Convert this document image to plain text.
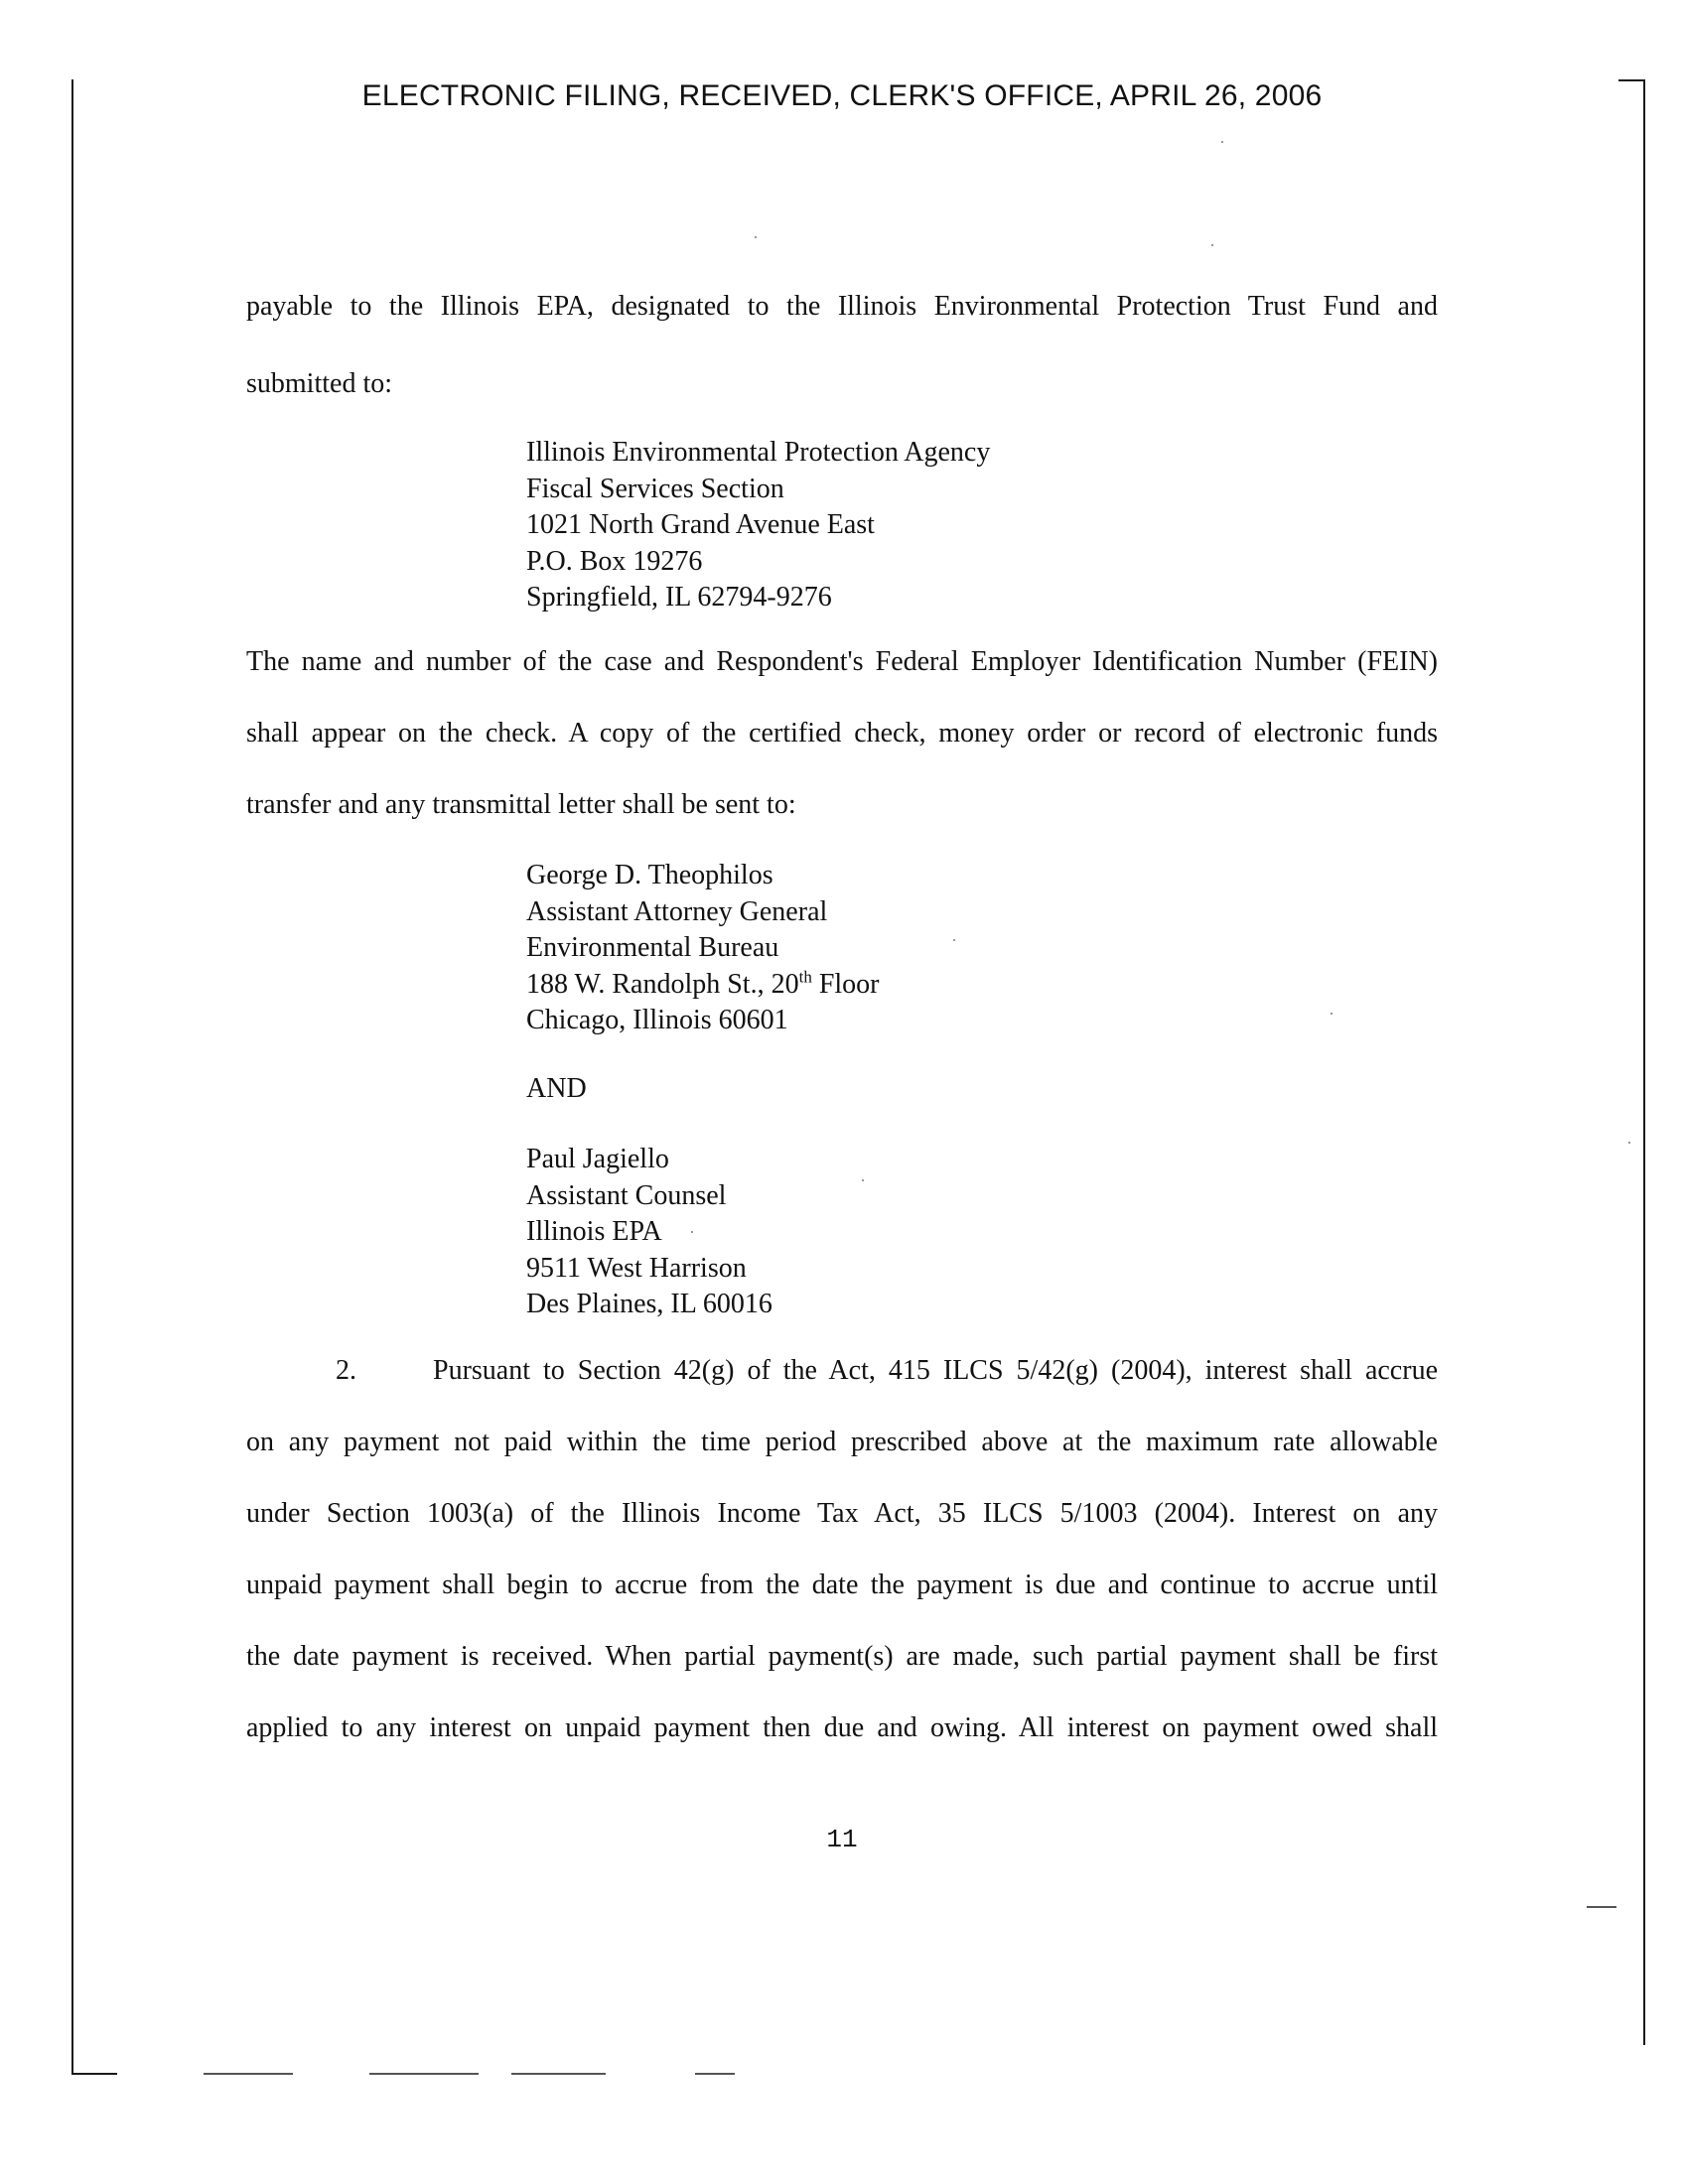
ELECTRONIC FILING, RECEIVED, CLERK'S OFFICE, APRIL 26, 2006
payable to the Illinois EPA, designated to the Illinois Environmental Protection Trust Fund and
submitted to:
Illinois Environmental Protection Agency
Fiscal Services Section
1021 North Grand Avenue East
P.O. Box 19276
Springfield, IL 62794-9276
The name and number of the case and Respondent's Federal Employer Identification Number (FEIN)
shall appear on the check. A copy of the certified check, money order or record of electronic funds
transfer and any transmittal letter shall be sent to:
George D. Theophilos
Assistant Attorney General
Environmental Bureau
188 W. Randolph St., 20th Floor
Chicago, Illinois 60601
AND
Paul Jagiello
Assistant Counsel
Illinois EPA
9511 West Harrison
Des Plaines, IL 60016
2.	Pursuant to Section 42(g) of the Act, 415 ILCS 5/42(g) (2004), interest shall accrue
on any payment not paid within the time period prescribed above at the maximum rate allowable
under Section 1003(a) of the Illinois Income Tax Act, 35 ILCS 5/1003 (2004). Interest on any
unpaid payment shall begin to accrue from the date the payment is due and continue to accrue until
the date payment is received. When partial payment(s) are made, such partial payment shall be first
applied to any interest on unpaid payment then due and owing. All interest on payment owed shall
11
